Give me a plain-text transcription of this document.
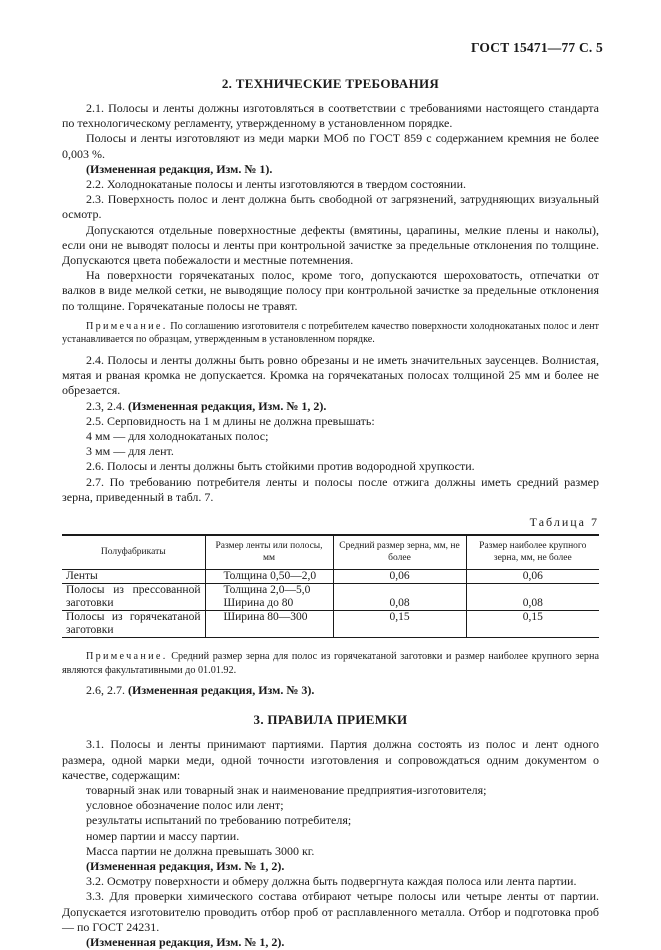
ГОСТ 15471—77 С. 5
2. ТЕХНИЧЕСКИЕ ТРЕБОВАНИЯ

2.1. Полосы и ленты должны изготовляться в соответствии с требованиями настоящего стандарта по технологическому регламенту, утвержденному в установленном порядке.

Полосы и ленты изготовляют из меди марки МОб по ГОСТ 859 с содержанием кремния не более 0,003 %.

(Измененная редакция, Изм. № 1).

2.2. Холоднокатаные полосы и ленты изготовляются в твердом состоянии.

2.3. Поверхность полос и лент должна быть свободной от загрязнений, затрудняющих визуальный осмотр.

Допускаются отдельные поверхностные дефекты (вмятины, царапины, мелкие плены и наколы), если они не выводят полосы и ленты при контрольной зачистке за предельные отклонения по толщине. Допускаются цвета побежалости и местные потемнения.

На поверхности горячекатаных полос, кроме того, допускаются шероховатость, отпечатки от валков в виде мелкой сетки, не выводящие полосу при контрольной зачистке за предельные отклонения по толщине. Горячекатаные полосы не травят.

Примечание. По соглашению изготовителя с потребителем качество поверхности холоднокатаных полос и лент устанавливается по образцам, утвержденным в установленном порядке.

2.4. Полосы и ленты должны быть ровно обрезаны и не иметь значительных заусенцев. Волнистая, мятая и рваная кромка не допускается. Кромка на горячекатаных полосах толщиной 25 мм и более не обрезается.

2.3, 2.4. (Измененная редакция, Изм. № 1, 2).

2.5. Серповидность на 1 м длины не должна превышать:

4 мм — для холоднокатаных полос;

3 мм — для лент.

2.6. Полосы и ленты должны быть стойкими против водородной хрупкости.

2.7. По требованию потребителя ленты и полосы после отжига должны иметь средний размер зерна, приведенный в табл. 7.

Таблица 7
Полуфабрикаты	Размер ленты или полосы, мм	Средний размер зерна, мм, не более	Размер наиболее крупного зерна, мм, не более
Ленты	Толщина 0,50—2,0	0,06	0,06
Полосы из прессованной заготовки	Толщина 2,0—5,0
Ширина до 80	0,08	0,08
Полосы из горячекатаной заготовки	Ширина 80—300	0,15	0,15

Примечание. Средний размер зерна для полос из горячекатаной заготовки и размер наиболее крупного зерна являются факультативными до 01.01.92.

2.6, 2.7. (Измененная редакция, Изм. № 3).

3. ПРАВИЛА ПРИЕМКИ

3.1. Полосы и ленты принимают партиями. Партия должна состоять из полос и лент одного размера, одной марки меди, одной точности изготовления и сопровождаться одним документом о качестве, содержащим:

товарный знак или товарный знак и наименование предприятия-изготовителя;

условное обозначение полос или лент;

результаты испытаний по требованию потребителя;

номер партии и массу партии.

Масса партии не должна превышать 3000 кг.

(Измененная редакция, Изм. № 1, 2).

3.2. Осмотру поверхности и обмеру должна быть подвергнута каждая полоса или лента партии.

3.3. Для проверки химического состава отбирают четыре полосы или четыре ленты от партии. Допускается изготовителю проводить отбор проб от расплавленного металла. Отбор и подготовка проб — по ГОСТ 24231.

(Измененная редакция, Изм. № 1, 2).
